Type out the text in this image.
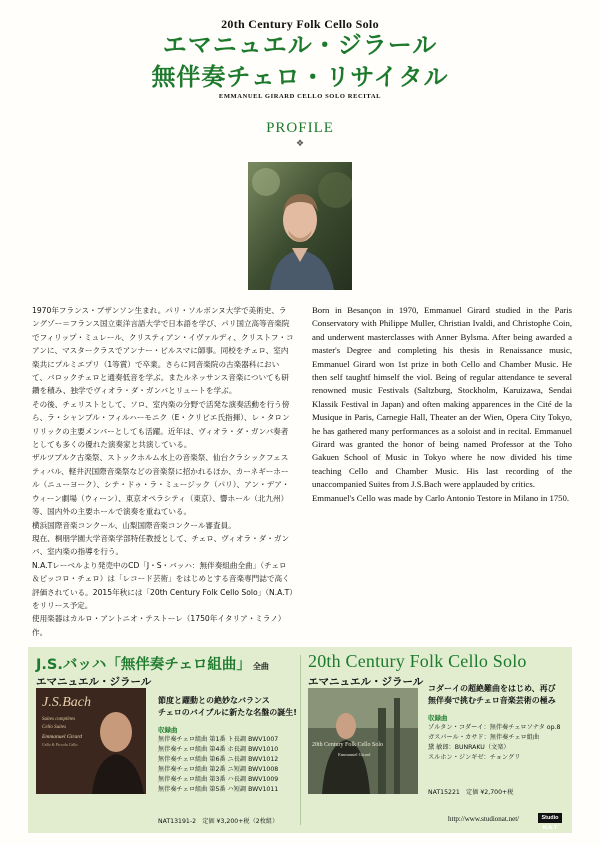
20th Century Folk Cello Solo
エマニュエル・ジラール
無伴奏チェロ・リサイタル
EMMANUEL GIRARD CELLO SOLO RECITAL
PROFILE
❖

1970年フランス・ブザンソン生まれ。パリ・ソルボンヌ大学で美術史、ラングゾー＝フランス国立東洋言語大学で日本語を学び、パリ国立高等音楽院でフィリップ・ミュレール、クリスティアン・イヴァルディ、クリストフ・コアンに、マスタークラスでアンナー・ビルスマに師事。同校をチェロ、室内楽共にプルミエプリ（1等賞）で卒業。さらに同音楽院の古楽器科において、バロックチェロと通奏低音を学ぶ。またルネッサンス音楽についても研鑽を積み、独学でヴィオラ・ダ・ガンバとリュートを学ぶ。

その後、チェリストとして、ソロ、室内楽の分野で活発な演奏活動を行う傍ら、ラ・シャンブル・フィルハーモニク（E・クリビエ氏指揮）、レ・タロンリリックの主要メンバーとしても活躍。近年は、ヴィオラ・ダ・ガンバ奏者としても多くの優れた演奏家と共演している。

ザルツブルク古楽祭、ストックホルム水上の音楽祭、仙台クラシックフェスティバル、軽井沢国際音楽祭などの音楽祭に招かれるほか、カーネギーホール（ニューヨーク）、シテ・ドゥ・ラ・ミュージック（パリ）、アン・デア・ウィーン劇場（ウィーン）、東京オペラシティ（東京）、響ホール（北九州）等、国内外の主要ホールで演奏を重ねている。

横浜国際音楽コンクール、山梨国際音楽コンクール審査員。

現在、桐朋学園大学音楽学部特任教授として、チェロ、ヴィオラ・ダ・ガンバ、室内楽の指導を行う。

N.A.Tレーベルより発売中のCD「J・S・バッハ：無伴奏組曲全曲」（チェロ＆ピッコロ・チェロ）は「レコード芸術」をはじめとする音楽専門誌で高く評価されている。2015年秋には「20th Century Folk Cello Solo」（N.A.T）をリリース予定。

使用楽器はカルロ・アントニオ・テストーレ（1750年イタリア・ミラノ）作。

Born in Besançon in 1970, Emmanuel Girard studied in the Paris Conservatory with Philippe Muller, Christian Ivaldi, and Christophe Coin, and underwent masterclasses with Anner Bylsma. After being awarded a master's Degree and completing his thesis in Renaissance music, Emmanuel Girard won 1st prize in both Cello and Chamber Music. He then self taughtf himself the viol. Being of regular attendance te several renowned music Festivals (Saltzburg, Stockholm, Karuizawa, Sendai Klassik Festival in Japan) and often making apparences in the Cité de la Musique in Paris, Carnegie Hall, Theater an der Wien, Opera City Tokyo, he has gathered many performances as a soloist and in recital. Emmanuel Girard was granted the honor of being named Professor at the Toho Gakuen School of Music in Tokyo where he now divided his time teaching Cello and Chamber Music. His last recording of the unaccompanied Suites from J.S.Bach were applauded by critics.

Emmanuel's Cello was made by Carlo Antonio Testore in Milano in 1750.

J.S.バッハ「無伴奏チェロ組曲」 全曲
エマニュエル・ジラール
J.S.Bach
Suites complètes
Cello Suites
Emmanuel Girard
Cello & Piccolo Cello
節度と躍動との絶妙なバランス
チェロのバイブルに新たな名盤の誕生!
収録曲
無伴奏チェロ組曲 第1番 ト長調 BWV1007
無伴奏チェロ組曲 第4番 ホ長調 BWV1010
無伴奏チェロ組曲 第6番 ニ長調 BWV1012
無伴奏チェロ組曲 第2番 ニ短調 BWV1008
無伴奏チェロ組曲 第3番 ハ長調 BWV1009
無伴奏チェロ組曲 第5番 ハ短調 BWV1011
NAT13191-2　定価 ¥3,200+税（2枚組）
20th Century Folk Cello Solo
エマニュエル・ジラール
20th Century Folk Cello Solo
Emmanuel Girard
コダーイの超絶難曲をはじめ、再び
無伴奏で挑むチェロ音楽芸術の極み
収録曲
ゾルタン・コダーイ：無伴奏チェロソナタ op.8
ガスパール・カサド：無伴奏チェロ組曲
黛 敏郎：BUNRAKU（文楽）
スルホン・ジンギゼ：チョングリ
NAT15221　定価 ¥2,700+税
http://www.studionat.net/	Studio N.A.T
